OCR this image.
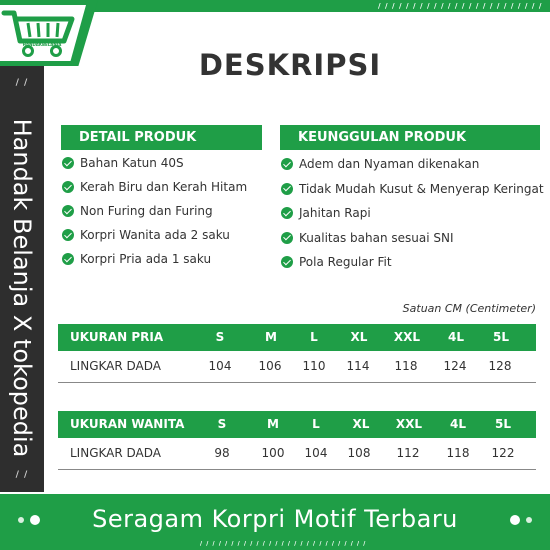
/ / / / / / / / / / / / / / / / / / / / / / / /
HANDAKBELANJA
/ /
/ /
Handak Belanja X tokopedia
DESKRIPSI
DETAIL PRODUK
Bahan Katun 40S
Kerah Biru dan Kerah Hitam
Non Furing dan Furing
Korpri Wanita ada 2 saku
Korpri Pria ada 1 saku
KEUNGGULAN PRODUK
Adem dan Nyaman dikenakan
Tidak Mudah Kusut & Menyerap Keringat
Jahitan Rapi
Kualitas bahan sesuai SNI
Pola Regular Fit
Satuan CM (Centimeter)
UKURAN PRIA	S	M	L	XL	XXL	4L	5L
LINGKAR DADA	104 106 110 114 118 124 128
UKURAN WANITA	S	M	L	XL	XXL	4L	5L
LINGKAR DADA	98	100 104 108 112 118 122
Seragam Korpri Motif Terbaru
/ / / / / / / / / / / / / / / / / / / / / / / / / / /
